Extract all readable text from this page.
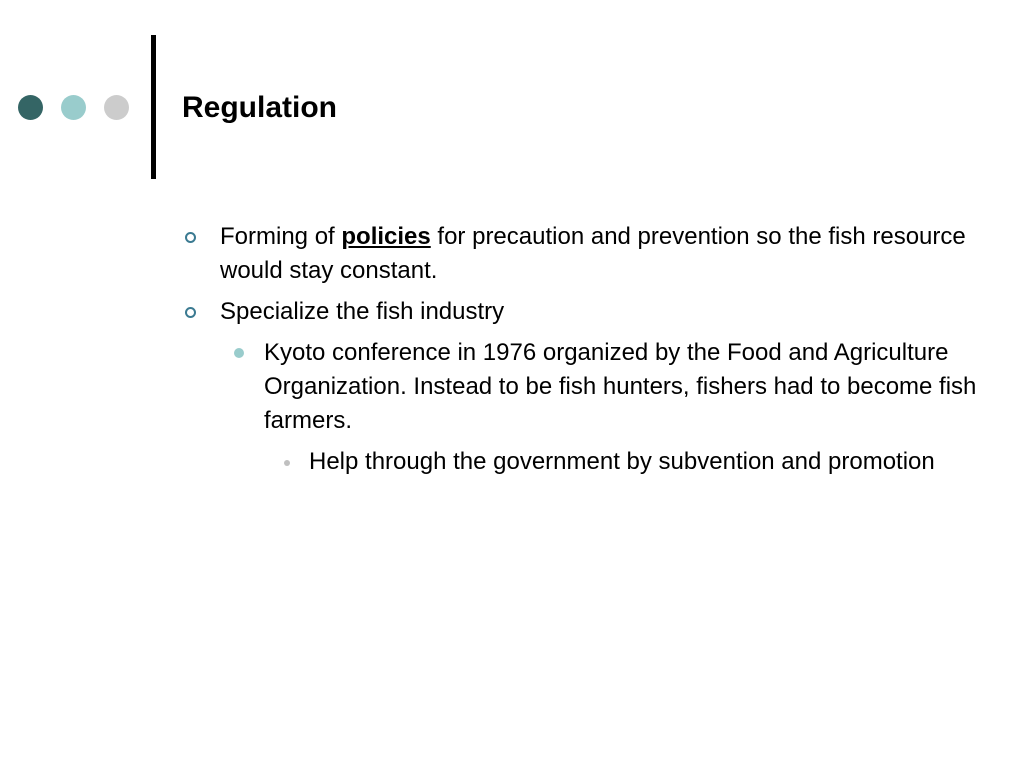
Regulation
Forming of policies for precaution and prevention so the fish resource would stay constant.
Specialize the fish industry
Kyoto conference in 1976 organized by the Food and Agriculture Organization. Instead to be fish hunters, fishers had to become fish farmers.
Help through the government by subvention and promotion
